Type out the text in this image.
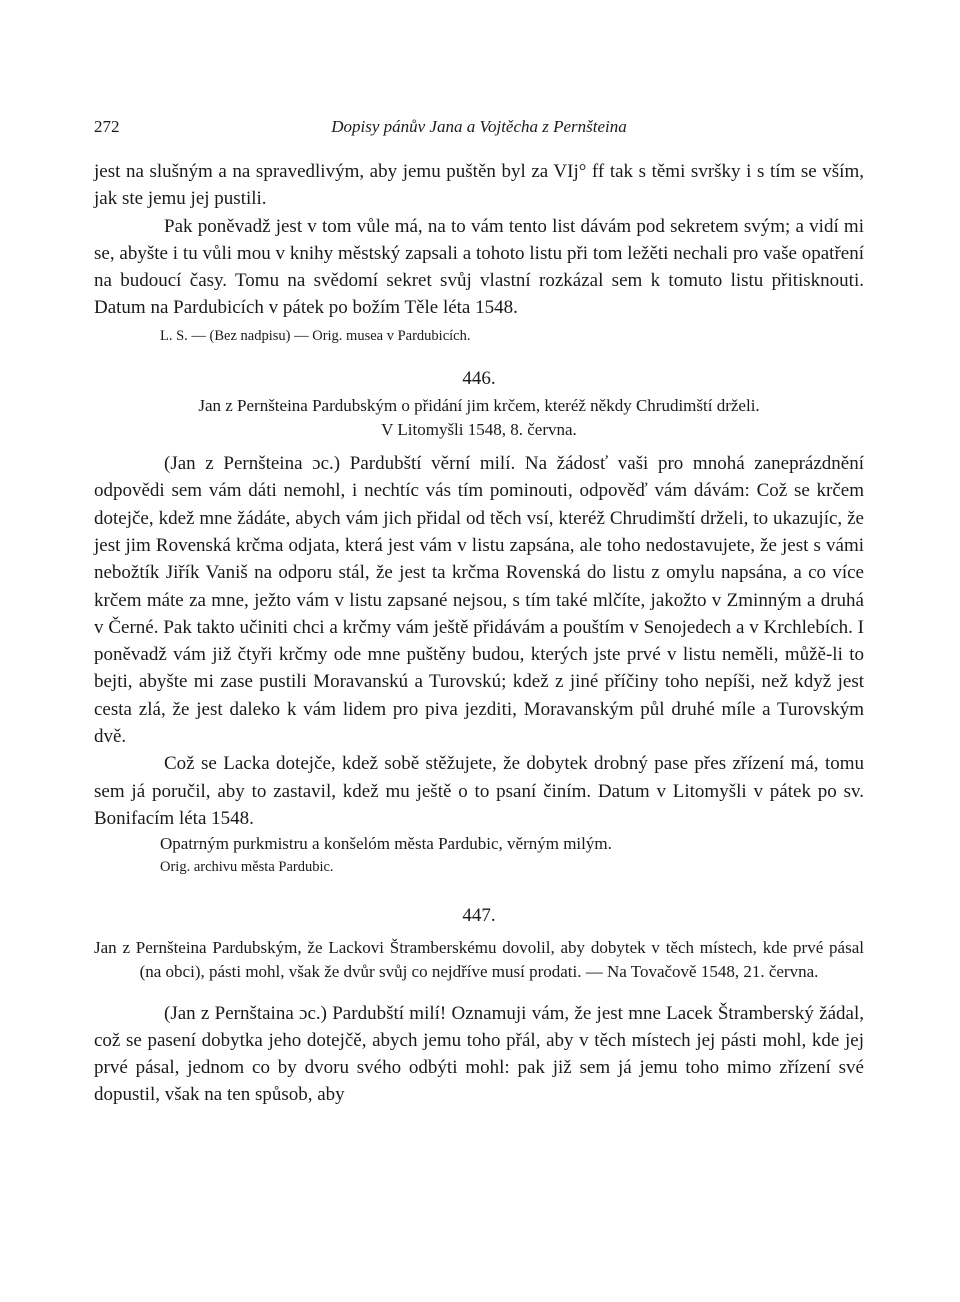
272	Dopisy pánův Jana a Vojtěcha z Pernšteina

jest na slušným a na spravedlivým, aby jemu puštěn byl za VIj° ff tak s těmi svršky i s tím se vším, jak ste jemu jej pustili.

Pak poněvadž jest v tom vůle má, na to vám tento list dávám pod sekretem svým; a vidí mi se, abyšte i tu vůli mou v knihy městský zapsali a tohoto listu při tom ležěti nechali pro vaše opatření na budoucí časy. Tomu na svědomí sekret svůj vlastní rozkázal sem k tomuto listu přitisknouti. Datum na Pardubicích v pátek po božím Těle léta 1548.

L. S. — (Bez nadpisu) — Orig. musea v Pardubicích.

446.

Jan z Pernšteina Pardubským o přidání jim krčem, kteréž někdy Chrudimští drželi.

V Litomyšli 1548, 8. června.

(Jan z Pernšteina ɔc.) Pardubští věrní milí. Na žádosť vaši pro mnohá zaneprázdnění odpovědi sem vám dáti nemohl, i nechtíc vás tím pominouti, odpověď vám dávám: Což se krčem dotejče, kdež mne žádáte, abych vám jich přidal od těch vsí, kteréž Chrudimští drželi, to ukazujíc, že jest jim Rovenská krčma odjata, která jest vám v listu zapsána, ale toho nedostavujete, že jest s vámi nebožtík Jiřík Vaniš na odporu stál, že jest ta krčma Rovenská do listu z omylu napsána, a co více krčem máte za mne, ježto vám v listu zapsané nejsou, s tím také mlčíte, jakožto v Zminným a druhá v Černé. Pak takto učiniti chci a krčmy vám ještě přidávám a pouštím v Senojedech a v Krchlebích. I poněvadž vám již čtyři krčmy ode mne puštěny budou, kterých jste prvé v listu neměli, můžě-li to bejti, abyšte mi zase pustili Moravanskú a Turovskú; kdež z jiné příčiny toho nepíši, než když jest cesta zlá, že jest daleko k vám lidem pro piva jezditi, Moravanským půl druhé míle a Turovským dvě.

Což se Lacka dotejče, kdež sobě stěžujete, že dobytek drobný pase přes zřízení má, tomu sem já poručil, aby to zastavil, kdež mu ještě o to psaní činím. Datum v Litomyšli v pátek po sv. Bonifacím léta 1548.

Opatrným purkmistru a konšelóm města Pardubic, věrným milým.

Orig. archivu města Pardubic.

447.

Jan z Pernšteina Pardubským, že Lackovi Štramberskému dovolil, aby dobytek v těch místech, kde prvé pásal (na obci), pásti mohl, však že dvůr svůj co nejdříve musí prodati. — Na Tovačově 1548, 21. června.

(Jan z Pernštaina ɔc.) Pardubští milí! Oznamuji vám, že jest mne Lacek Štramberský žádal, což se pasení dobytka jeho dotejčě, abych jemu toho přál, aby v těch místech jej pásti mohl, kde jej prvé pásal, jednom co by dvoru svého odbýti mohl: pak již sem já jemu toho mimo zřízení své dopustil, však na ten spůsob, aby
